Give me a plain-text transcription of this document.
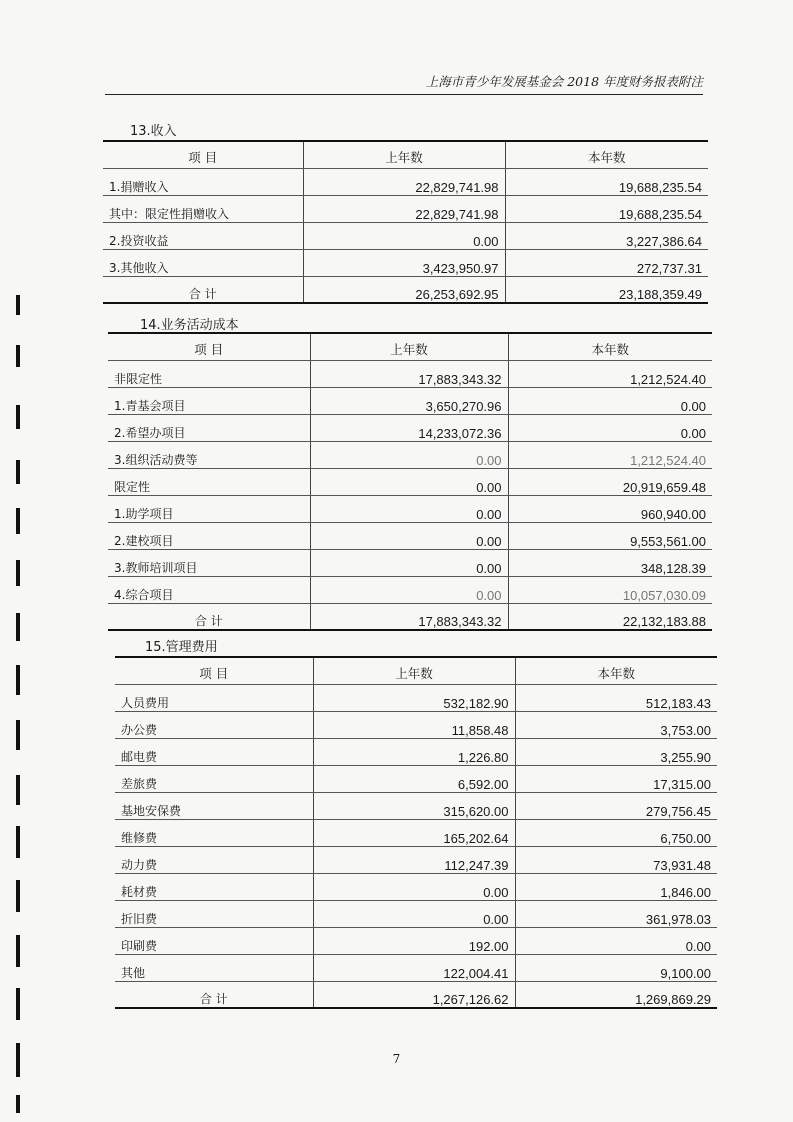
上海市青少年发展基金会 2018 年度财务报表附注
13.收入
项 目	上年数	本年数
1.捐赠收入	22,829,741.98	19,688,235.54
其中：限定性捐赠收入	22,829,741.98	19,688,235.54
2.投资收益	0.00	3,227,386.64
3.其他收入	3,423,950.97	272,737.31
合 计	26,253,692.95	23,188,359.49
14.业务活动成本
项 目	上年数	本年数
非限定性	17,883,343.32	1,212,524.40
1.青基会项目	3,650,270.96	0.00
2.希望办项目	14,233,072.36	0.00
3.组织活动费等	0.00	1,212,524.40
限定性	0.00	20,919,659.48
1.助学项目	0.00	960,940.00
2.建校项目	0.00	9,553,561.00
3.教师培训项目	0.00	348,128.39
4.综合项目	0.00	10,057,030.09
合 计	17,883,343.32	22,132,183.88
15.管理费用
项 目	上年数	本年数
人员费用	532,182.90	512,183.43
办公费	11,858.48	3,753.00
邮电费	1,226.80	3,255.90
差旅费	6,592.00	17,315.00
基地安保费	315,620.00	279,756.45
维修费	165,202.64	6,750.00
动力费	112,247.39	73,931.48
耗材费	0.00	1,846.00
折旧费	0.00	361,978.03
印刷费	192.00	0.00
其他	122,004.41	9,100.00
合 计	1,267,126.62	1,269,869.29
7
